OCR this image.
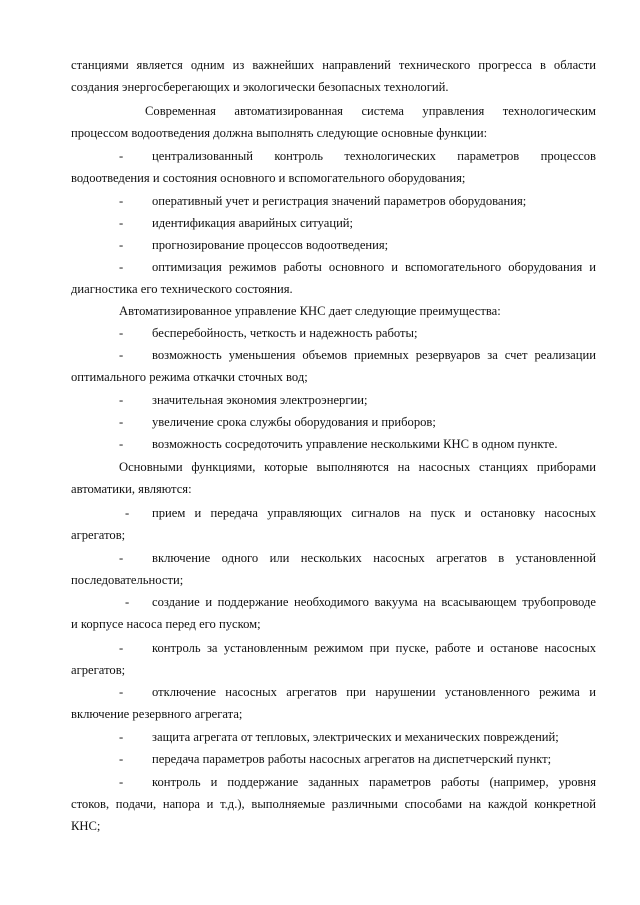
станциями является одним из важнейших направлений технического прогресса в области
создания энергосберегающих и экологически безопасных технологий.
Современная автоматизированная система управления технологическим
процессом водоотведения должна выполнять следующие основные функции:
- централизованный контроль технологических параметров процессов
водоотведения и состояния основного и вспомогательного оборудования;
- оперативный учет и регистрация значений параметров оборудования;
- идентификация аварийных ситуаций;
- прогнозирование процессов водоотведения;
- оптимизация режимов работы основного и вспомогательного оборудования и
диагностика его технического состояния.
Автоматизированное управление КНС дает следующие преимущества:
- бесперебойность, четкость и надежность работы;
- возможность уменьшения объемов приемных резервуаров за счет реализации
оптимального режима откачки сточных вод;
- значительная экономия электроэнергии;
- увеличение срока службы оборудования и приборов;
- возможность сосредоточить управление несколькими КНС в одном пункте.
Основными функциями, которые выполняются на насосных станциях приборами
автоматики, являются:
- прием и передача управляющих сигналов на пуск и остановку насосных
агрегатов;
- включение одного или нескольких насосных агрегатов в установленной
последовательности;
- создание и поддержание необходимого вакуума на всасывающем трубопроводе
и корпусе насоса перед его пуском;
- контроль за установленным режимом при пуске, работе и останове насосных
агрегатов;
- отключение насосных агрегатов при нарушении установленного режима и
включение резервного агрегата;
- защита агрегата от тепловых, электрических и механических повреждений;
- передача параметров работы насосных агрегатов на диспетчерский пункт;
- контроль и поддержание заданных параметров работы (например, уровня
стоков, подачи, напора и т.д.), выполняемые различными способами на каждой конкретной
КНС;
